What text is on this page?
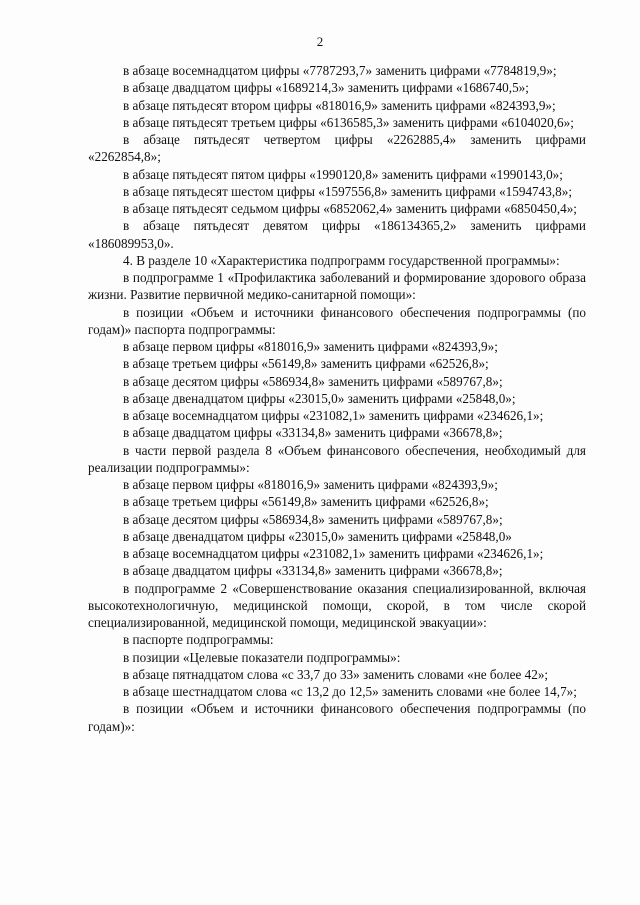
2

в абзаце восемнадцатом цифры «7787293,7» заменить цифрами «7784819,9»;

в абзаце двадцатом цифры «1689214,3» заменить цифрами «1686740,5»;

в абзаце пятьдесят втором цифры «818016,9» заменить цифрами «824393,9»;

в абзаце пятьдесят третьем цифры «6136585,3» заменить цифрами «6104020,6»;

в абзаце пятьдесят четвертом цифры «2262885,4» заменить цифрами «2262854,8»;

в абзаце пятьдесят пятом цифры «1990120,8» заменить цифрами «1990143,0»;

в абзаце пятьдесят шестом цифры «1597556,8» заменить цифрами «1594743,8»;

в абзаце пятьдесят седьмом цифры «6852062,4» заменить цифрами «6850450,4»;

в абзаце пятьдесят девятом цифры «186134365,2» заменить цифрами «186089953,0».

4. В разделе 10 «Характеристика подпрограмм государственной программы»:

в подпрограмме 1 «Профилактика заболеваний и формирование здорового образа жизни. Развитие первичной медико-санитарной помощи»:

в позиции «Объем и источники финансового обеспечения подпрограммы (по годам)» паспорта подпрограммы:

в абзаце первом цифры «818016,9» заменить цифрами «824393,9»;

в абзаце третьем цифры «56149,8» заменить цифрами «62526,8»;

в абзаце десятом цифры «586934,8» заменить цифрами «589767,8»;

в абзаце двенадцатом цифры «23015,0» заменить цифрами «25848,0»;

в абзаце восемнадцатом цифры «231082,1» заменить цифрами «234626,1»;

в абзаце двадцатом цифры «33134,8» заменить цифрами «36678,8»;

в части первой раздела 8 «Объем финансового обеспечения, необходимый для реализации подпрограммы»:

в абзаце первом цифры «818016,9» заменить цифрами «824393,9»;

в абзаце третьем цифры «56149,8» заменить цифрами «62526,8»;

в абзаце десятом цифры «586934,8» заменить цифрами «589767,8»;

в абзаце двенадцатом цифры «23015,0» заменить цифрами «25848,0»

в абзаце восемнадцатом цифры «231082,1» заменить цифрами «234626,1»;

в абзаце двадцатом цифры «33134,8» заменить цифрами «36678,8»;

в подпрограмме 2 «Совершенствование оказания специализированной, включая высокотехнологичную, медицинской помощи, скорой, в том числе скорой специализированной, медицинской помощи, медицинской эвакуации»:

в паспорте подпрограммы:

в позиции «Целевые показатели подпрограммы»:

в абзаце пятнадцатом слова «с 33,7 до 33» заменить словами «не более 42»;

в абзаце шестнадцатом слова «с 13,2 до 12,5» заменить словами «не более 14,7»;

в позиции «Объем и источники финансового обеспечения подпрограммы (по годам)»:
